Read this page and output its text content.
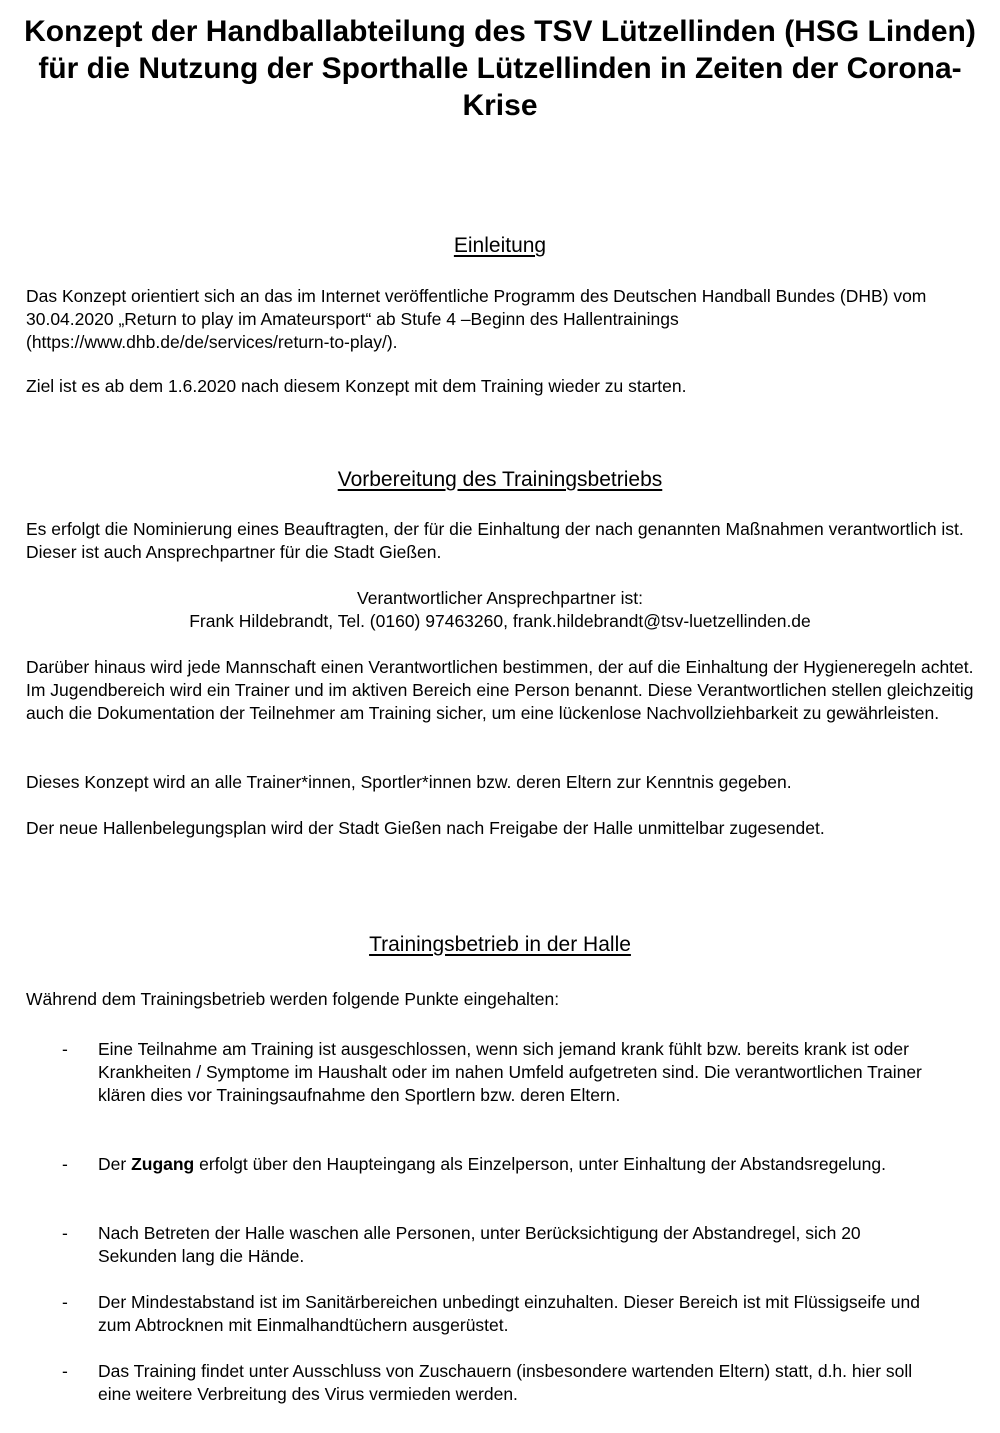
Konzept der Handballabteilung des TSV Lützellinden (HSG Linden) für die Nutzung der Sporthalle Lützellinden in Zeiten der Corona-Krise
Einleitung

Das Konzept orientiert sich an das im Internet veröffentliche Programm des Deutschen Handball Bundes (DHB) vom 30.04.2020 „Return to play im Amateursport“ ab Stufe 4 –Beginn des Hallentrainings (https://www.dhb.de/de/services/return-to-play/).

Ziel ist es ab dem 1.6.2020 nach diesem Konzept mit dem Training wieder zu starten.

Vorbereitung des Trainingsbetriebs

Es erfolgt die Nominierung eines Beauftragten, der für die Einhaltung der nach genannten Maßnahmen verantwortlich ist. Dieser ist auch Ansprechpartner für die Stadt Gießen.

Verantwortlicher Ansprechpartner ist:

Frank Hildebrandt, Tel. (0160) 97463260, frank.hildebrandt@tsv-luetzellinden.de

Darüber hinaus wird jede Mannschaft einen Verantwortlichen bestimmen, der auf die Einhaltung der Hygieneregeln achtet. Im Jugendbereich wird ein Trainer und im aktiven Bereich eine Person benannt. Diese Verantwortlichen stellen gleichzeitig auch die Dokumentation der Teilnehmer am Training sicher, um eine lückenlose Nachvollziehbarkeit zu gewährleisten.

Dieses Konzept wird an alle Trainer*innen, Sportler*innen bzw. deren Eltern zur Kenntnis gegeben.

Der neue Hallenbelegungsplan wird der Stadt Gießen nach Freigabe der Halle unmittelbar zugesendet.

Trainingsbetrieb in der Halle

Während dem Trainingsbetrieb werden folgende Punkte eingehalten:

- Eine Teilnahme am Training ist ausgeschlossen, wenn sich jemand krank fühlt bzw. bereits krank ist oder Krankheiten / Symptome im Haushalt oder im nahen Umfeld aufgetreten sind. Die verantwortlichen Trainer klären dies vor Trainingsaufnahme den Sportlern bzw. deren Eltern.

- Der Zugang erfolgt über den Haupteingang als Einzelperson, unter Einhaltung der Abstandsregelung.

- Nach Betreten der Halle waschen alle Personen, unter Berücksichtigung der Abstandregel, sich 20 Sekunden lang die Hände.

- Der Mindestabstand ist im Sanitärbereichen unbedingt einzuhalten. Dieser Bereich ist mit Flüssigseife und zum Abtrocknen mit Einmalhandtüchern ausgerüstet.

- Das Training findet unter Ausschluss von Zuschauern (insbesondere wartenden Eltern) statt, d.h. hier soll eine weitere Verbreitung des Virus vermieden werden.
